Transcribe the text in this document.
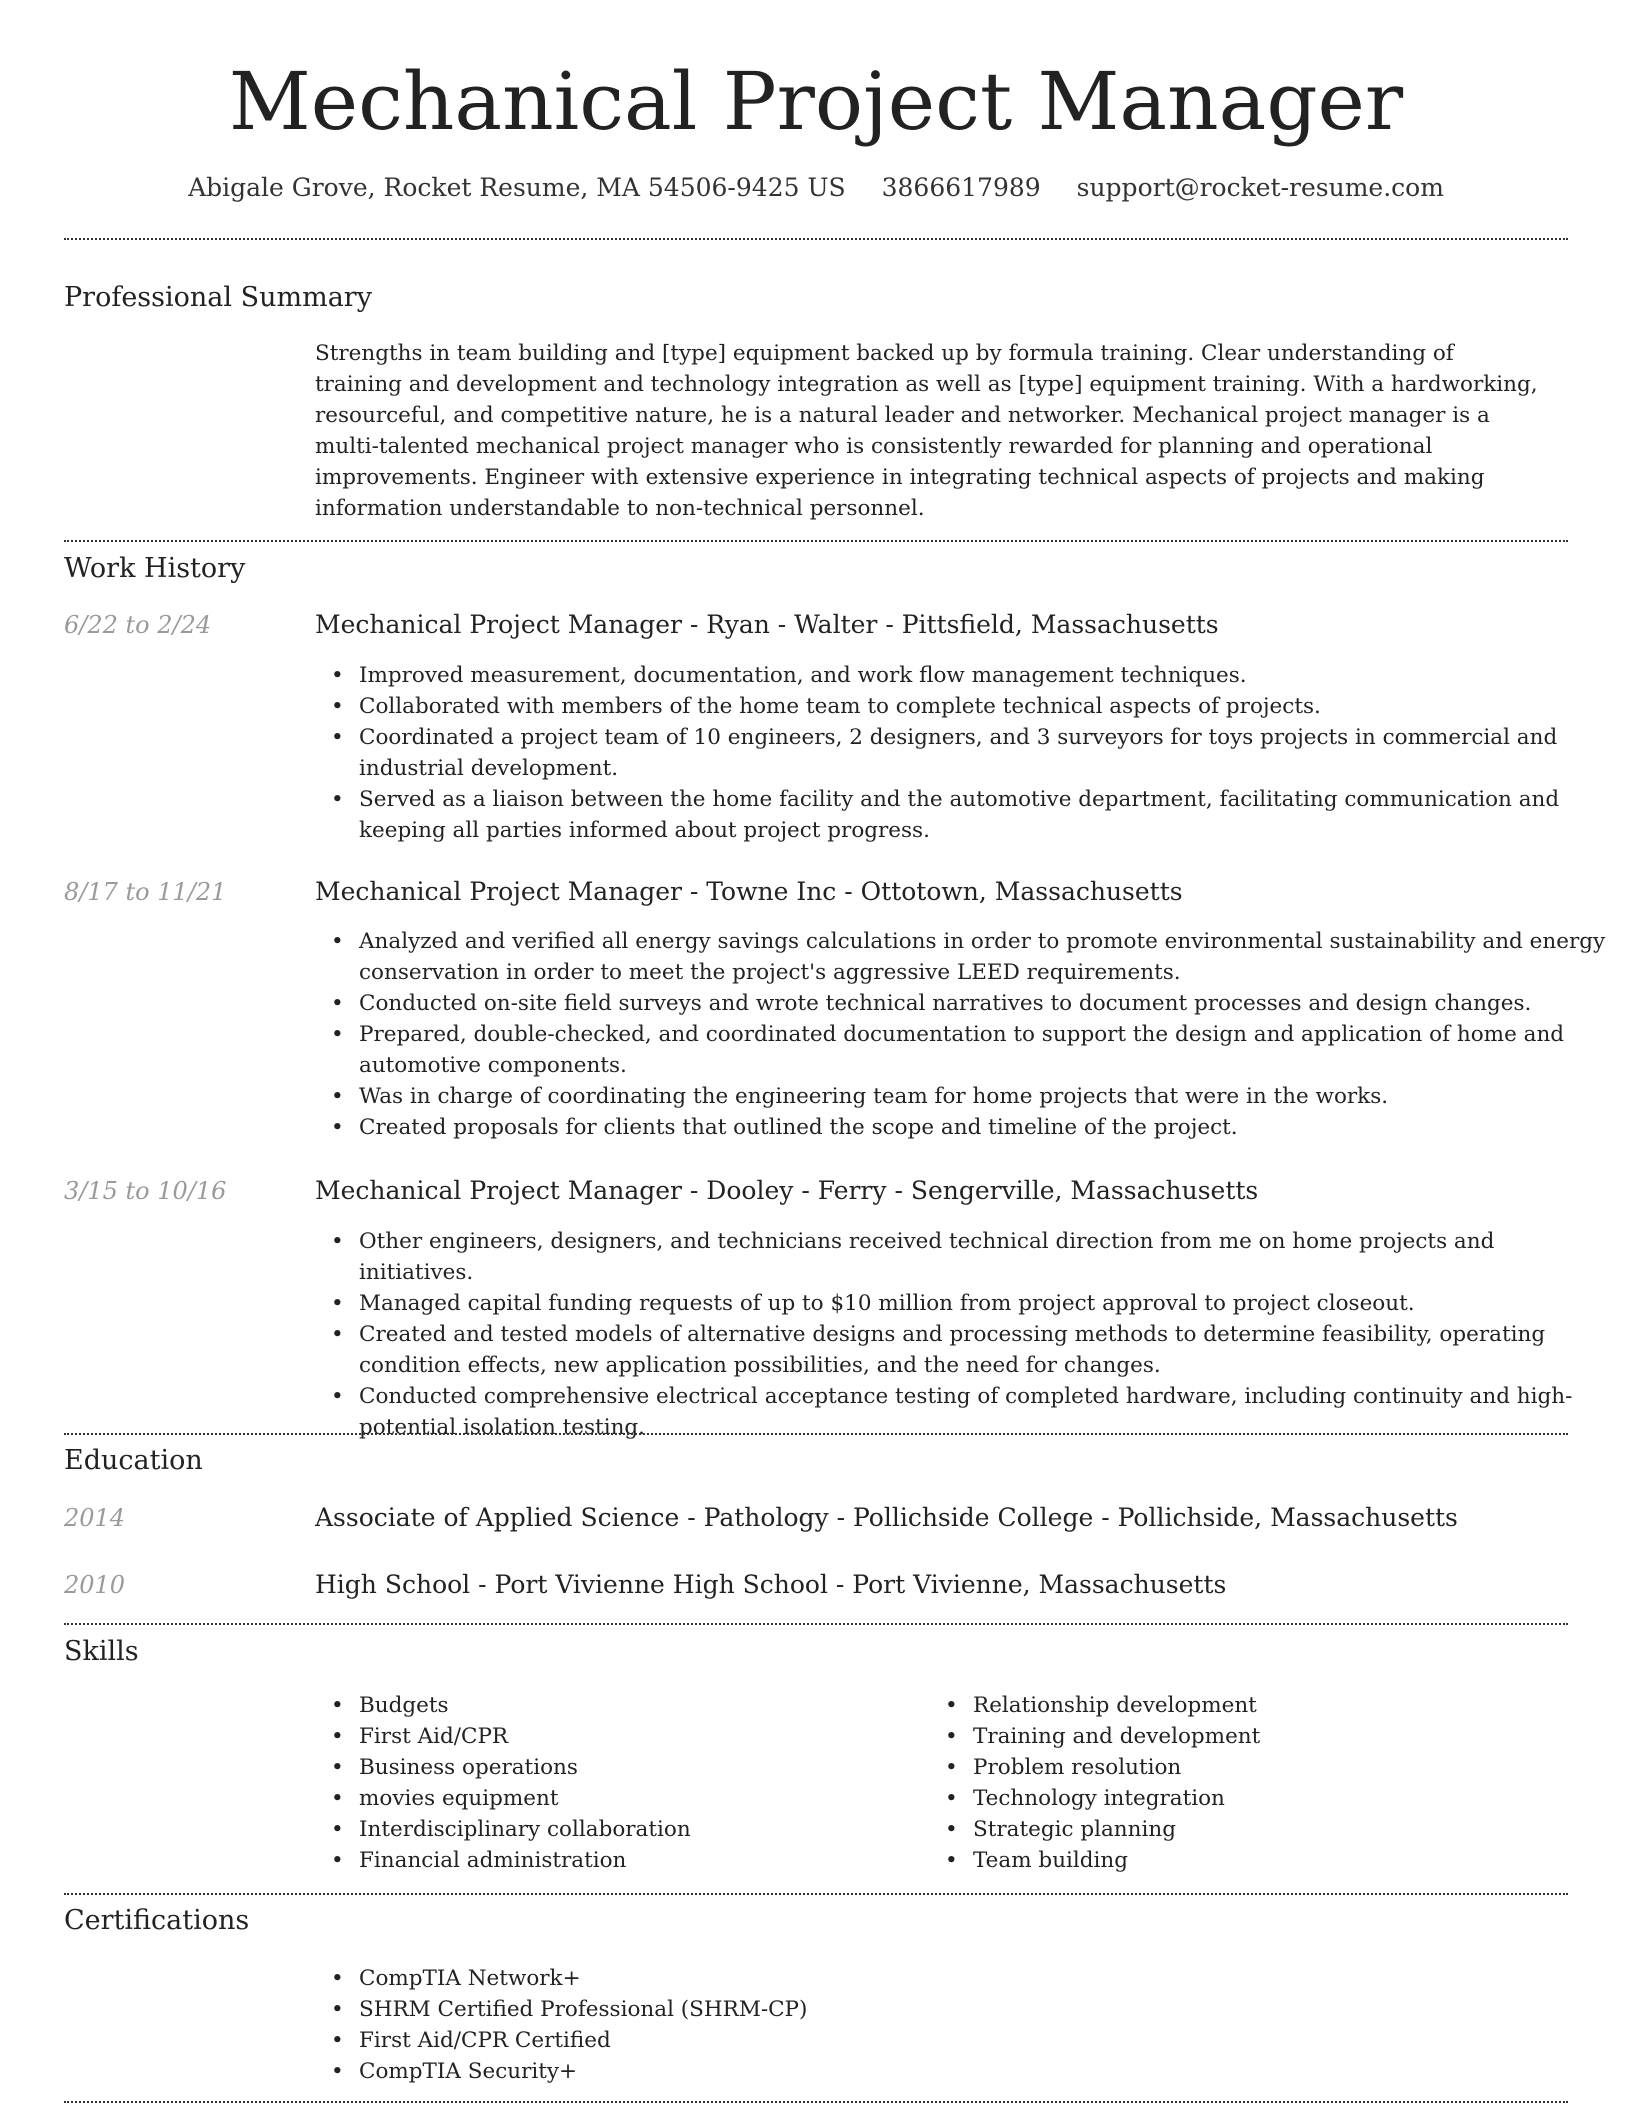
Mechanical Project Manager
Abigale Grove, Rocket Resume, MA 54506-9425 US 3866617989 support@rocket-resume.com
Professional Summary
Strengths in team building and [type] equipment backed up by formula training. Clear understanding of training and development and technology integration as well as [type] equipment training. With a hardworking, resourceful, and competitive nature, he is a natural leader and networker. Mechanical project manager is a multi-talented mechanical project manager who is consistently rewarded for planning and operational improvements. Engineer with extensive experience in integrating technical aspects of projects and making information understandable to non-technical personnel.
Work History
6/22 to 2/24	Mechanical Project Manager - Ryan - Walter - Pittsfield, Massachusetts
• Improved measurement, documentation, and work flow management techniques.
• Collaborated with members of the home team to complete technical aspects of projects.
• Coordinated a project team of 10 engineers, 2 designers, and 3 surveyors for toys projects in commercial and industrial development.
• Served as a liaison between the home facility and the automotive department, facilitating communication and keeping all parties informed about project progress.
8/17 to 11/21	Mechanical Project Manager - Towne Inc - Ottotown, Massachusetts
• Analyzed and verified all energy savings calculations in order to promote environmental sustainability and energy conservation in order to meet the project's aggressive LEED requirements.
• Conducted on-site field surveys and wrote technical narratives to document processes and design changes.
• Prepared, double-checked, and coordinated documentation to support the design and application of home and automotive components.
• Was in charge of coordinating the engineering team for home projects that were in the works.
• Created proposals for clients that outlined the scope and timeline of the project.
3/15 to 10/16	Mechanical Project Manager - Dooley - Ferry - Sengerville, Massachusetts
• Other engineers, designers, and technicians received technical direction from me on home projects and initiatives.
• Managed capital funding requests of up to $10 million from project approval to project closeout.
• Created and tested models of alternative designs and processing methods to determine feasibility, operating condition effects, new application possibilities, and the need for changes.
• Conducted comprehensive electrical acceptance testing of completed hardware, including continuity and high-potential isolation testing.
Education
2014	Associate of Applied Science - Pathology - Pollichside College - Pollichside, Massachusetts
2010	High School - Port Vivienne High School - Port Vivienne, Massachusetts
Skills
• Budgets
• First Aid/CPR
• Business operations
• movies equipment
• Interdisciplinary collaboration
• Financial administration
• Relationship development
• Training and development
• Problem resolution
• Technology integration
• Strategic planning
• Team building
Certifications
• CompTIA Network+
• SHRM Certified Professional (SHRM-CP)
• First Aid/CPR Certified
• CompTIA Security+
